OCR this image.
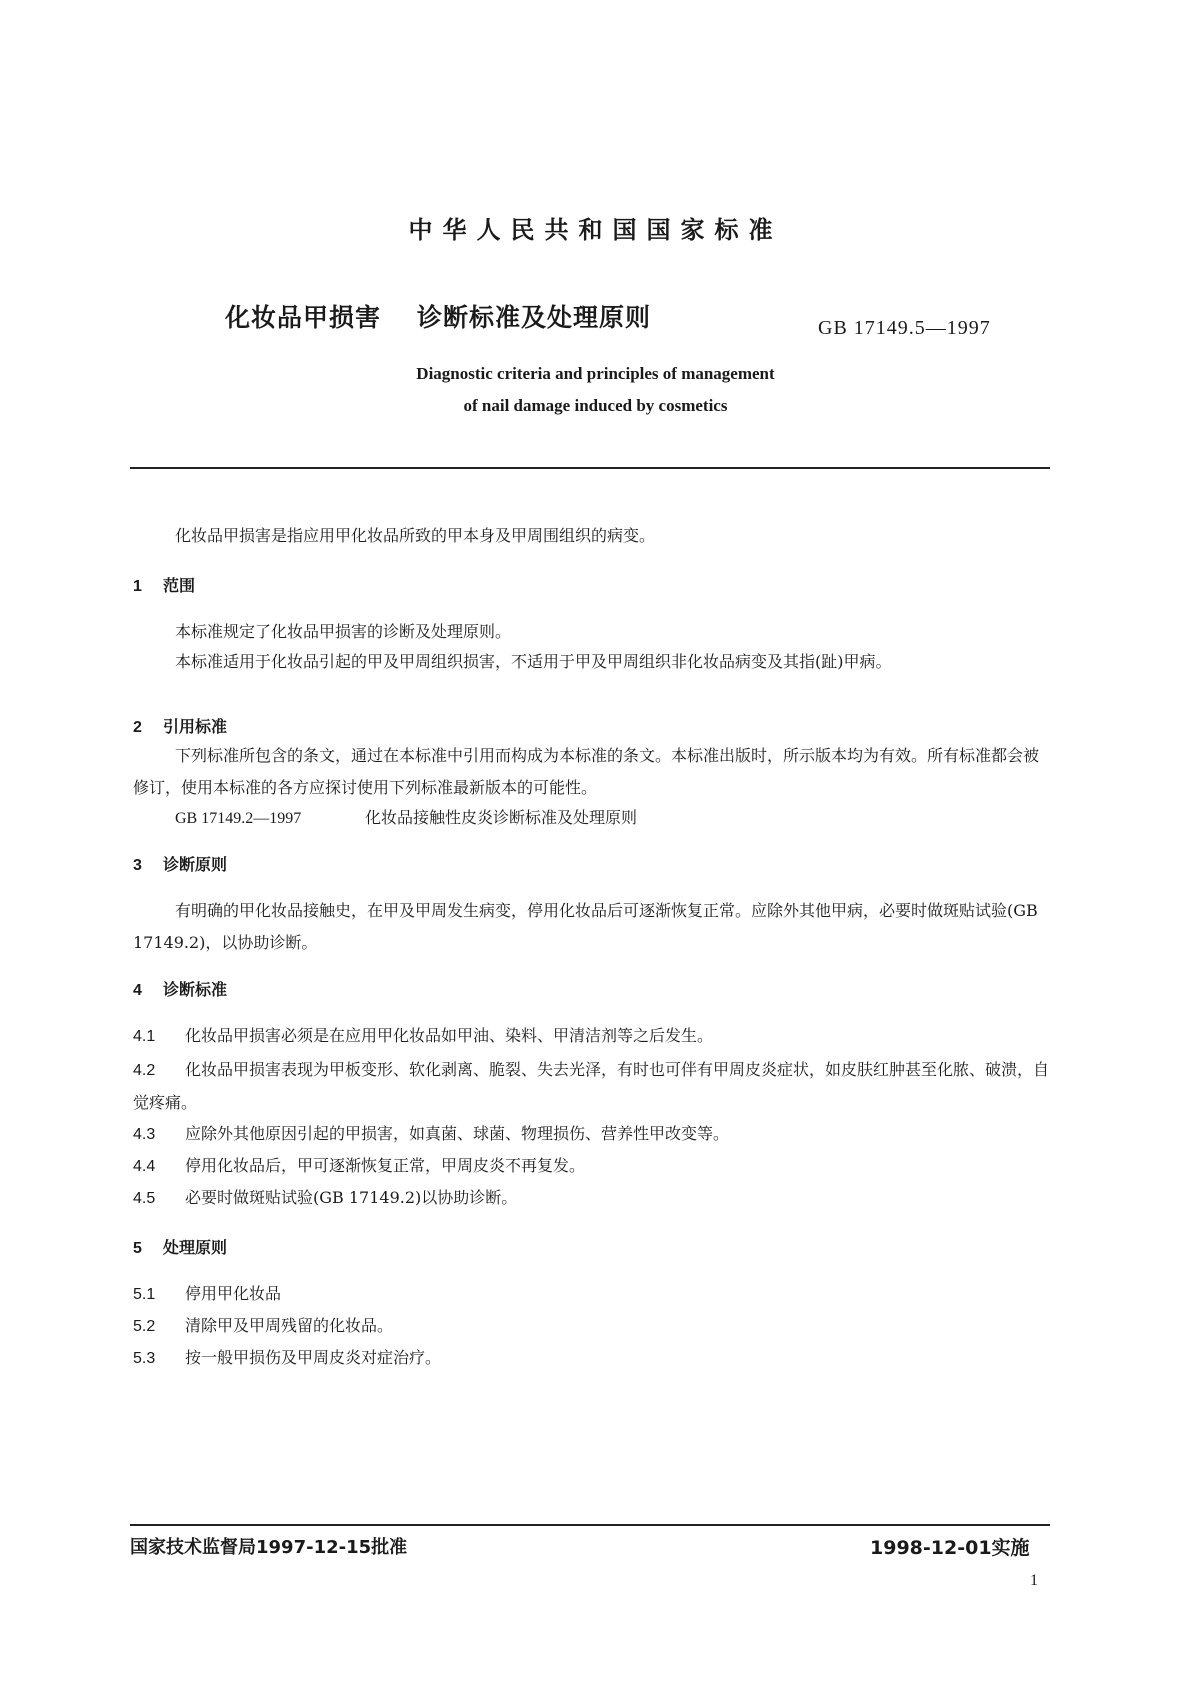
中华人民共和国国家标准
化妆品甲损害 诊断标准及处理原则	GB 17149.5—1997
Diagnostic criteria and principles of management
of nail damage induced by cosmetics
化妆品甲损害是指应用甲化妆品所致的甲本身及甲周围组织的病变。
1 范围
本标准规定了化妆品甲损害的诊断及处理原则。
本标准适用于化妆品引起的甲及甲周组织损害，不适用于甲及甲周组织非化妆品病变及其指(趾)甲病。
2 引用标准
下列标准所包含的条文，通过在本标准中引用而构成为本标准的条文。本标准出版时，所示版本均为有效。所有标准都会被修订，使用本标准的各方应探讨使用下列标准最新版本的可能性。
GB 17149.2—1997	化妆品接触性皮炎诊断标准及处理原则
3 诊断原则
有明确的甲化妆品接触史，在甲及甲周发生病变，停用化妆品后可逐渐恢复正常。应除外其他甲病，必要时做斑贴试验(GB 17149.2)，以协助诊断。
4 诊断标准
4.1 化妆品甲损害必须是在应用甲化妆品如甲油、染料、甲清洁剂等之后发生。
4.2 化妆品甲损害表现为甲板变形、软化剥离、脆裂、失去光泽，有时也可伴有甲周皮炎症状，如皮肤红肿甚至化脓、破溃，自觉疼痛。
4.3 应除外其他原因引起的甲损害，如真菌、球菌、物理损伤、营养性甲改变等。
4.4 停用化妆品后，甲可逐渐恢复正常，甲周皮炎不再复发。
4.5 必要时做斑贴试验(GB 17149.2)以协助诊断。
5 处理原则
5.1 停用甲化妆品
5.2 清除甲及甲周残留的化妆品。
5.3 按一般甲损伤及甲周皮炎对症治疗。
国家技术监督局1997-12-15批准	1998-12-01实施
1
